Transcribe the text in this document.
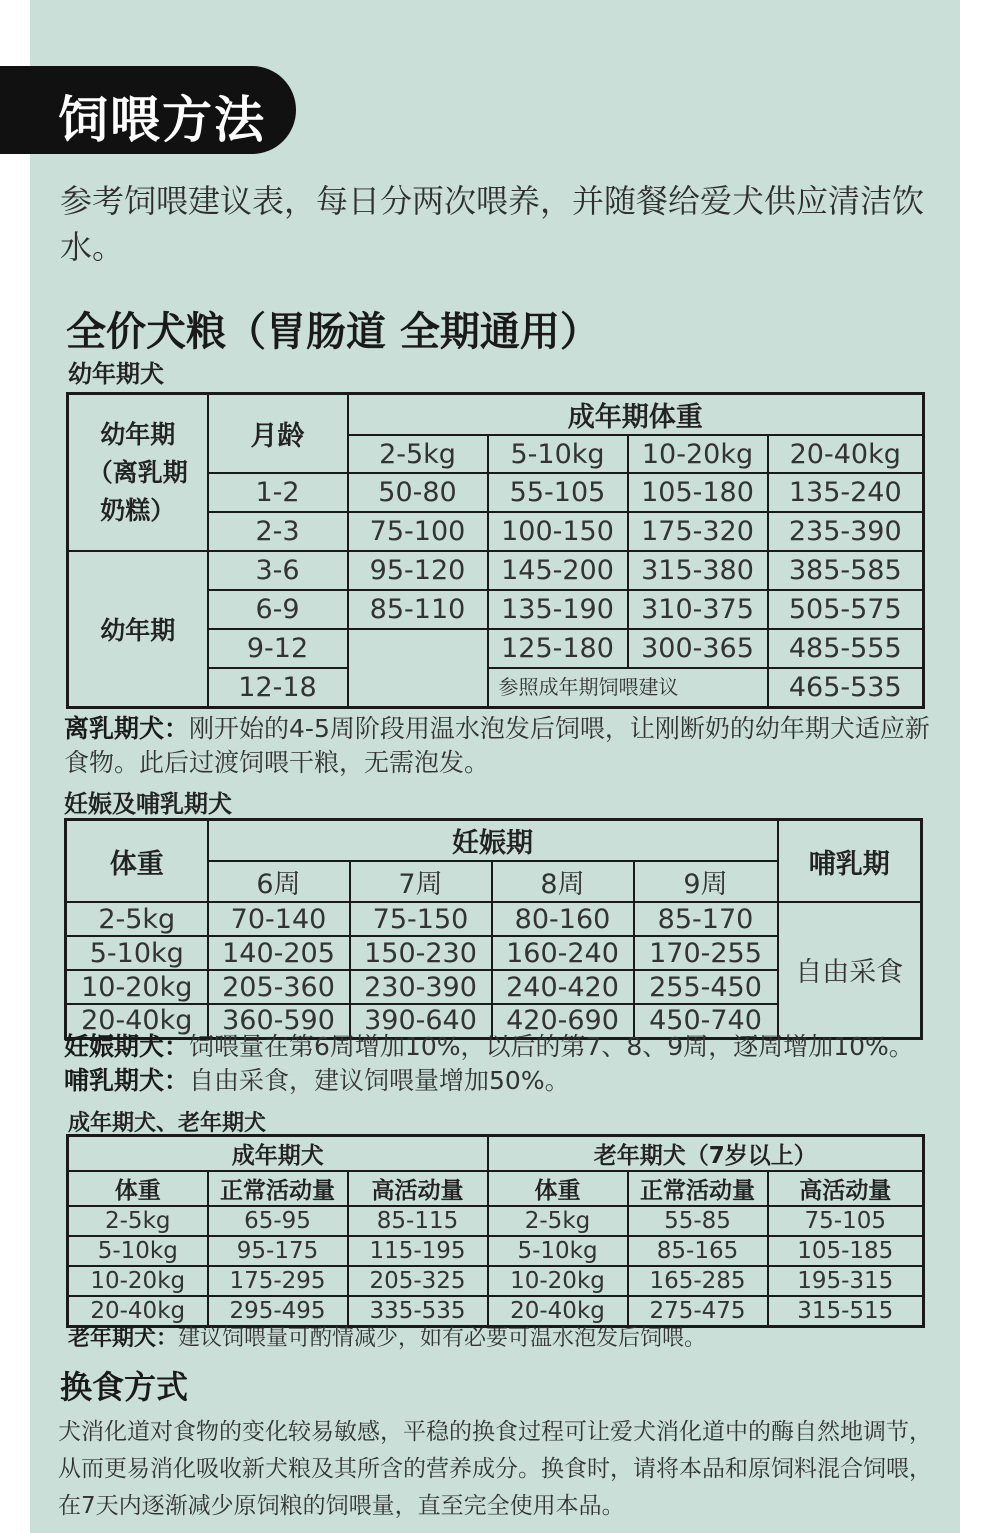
饲喂方法
参考饲喂建议表，每日分两次喂养，并随餐给爱犬供应清洁饮水。
全价犬粮（胃肠道 全期通用）
幼年期犬
幼年期
（离乳期
奶糕）	月龄	成年期体重			
		2-5kg	5-10kg	10-20kg	20-40kg
	1-2	50-80	55-105	105-180	135-240
	2-3	75-100	100-150	175-320	235-390
幼年期	3-6	95-120	145-200	315-380	385-585
	6-9	85-110	135-190	310-375	505-575
	9-12		125-180	300-365	485-555
	12-18		参照成年期饲喂建议		465-535
离乳期犬：刚开始的4-5周阶段用温水泡发后饲喂，让刚断奶的幼年期犬适应新食物。此后过渡饲喂干粮，无需泡发。
妊娠及哺乳期犬
体重	妊娠期				哺乳期
	6周	7周	8周	9周	
2-5kg	70-140	75-150	80-160	85-170	自由采食
5-10kg	140-205	150-230	160-240	170-255	
10-20kg	205-360	230-390	240-420	255-450	
20-40kg	360-590	390-640	420-690	450-740	
妊娠期犬：饲喂量在第6周增加10%，以后的第7、8、9周，逐周增加10%。
哺乳期犬：自由采食，建议饲喂量增加50%。
成年期犬、老年期犬
成年期犬			老年期犬（7岁以上）		
体重	正常活动量	高活动量	体重	正常活动量	高活动量
2-5kg	65-95	85-115	2-5kg	55-85	75-105
5-10kg	95-175	115-195	5-10kg	85-165	105-185
10-20kg	175-295	205-325	10-20kg	165-285	195-315
20-40kg	295-495	335-535	20-40kg	275-475	315-515
老年期犬：建议饲喂量可酌情减少，如有必要可温水泡发后饲喂。
换食方式
犬消化道对食物的变化较易敏感，平稳的换食过程可让爱犬消化道中的酶自然地调节，从而更易消化吸收新犬粮及其所含的营养成分。换食时，请将本品和原饲料混合饲喂，在7天内逐渐减少原饲粮的饲喂量，直至完全使用本品。
